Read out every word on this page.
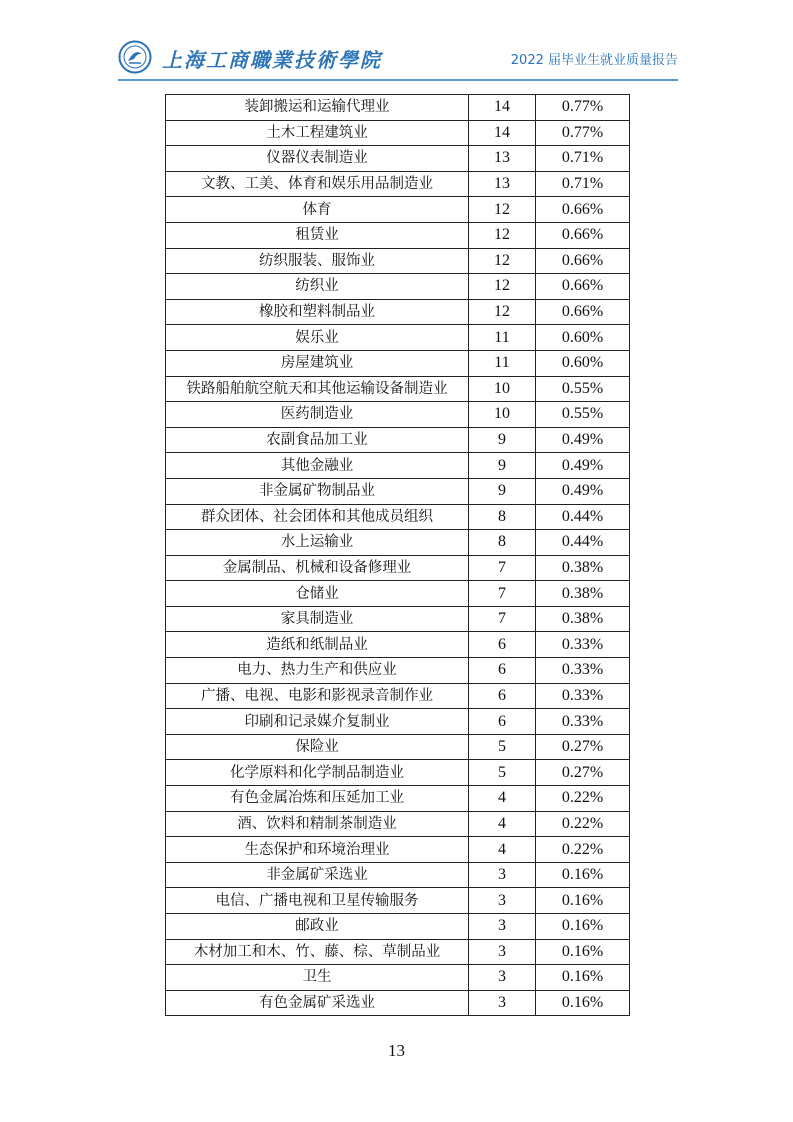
上海工商職業技術學院	2022 届毕业生就业质量报告
装卸搬运和运输代理业	14	0.77%
土木工程建筑业	14	0.77%
仪器仪表制造业	13	0.71%
文教、工美、体育和娱乐用品制造业	13	0.71%
体育	12	0.66%
租赁业	12	0.66%
纺织服装、服饰业	12	0.66%
纺织业	12	0.66%
橡胶和塑料制品业	12	0.66%
娱乐业	11	0.60%
房屋建筑业	11	0.60%
铁路船舶航空航天和其他运输设备制造业	10	0.55%
医药制造业	10	0.55%
农副食品加工业	9	0.49%
其他金融业	9	0.49%
非金属矿物制品业	9	0.49%
群众团体、社会团体和其他成员组织	8	0.44%
水上运输业	8	0.44%
金属制品、机械和设备修理业	7	0.38%
仓储业	7	0.38%
家具制造业	7	0.38%
造纸和纸制品业	6	0.33%
电力、热力生产和供应业	6	0.33%
广播、电视、电影和影视录音制作业	6	0.33%
印刷和记录媒介复制业	6	0.33%
保险业	5	0.27%
化学原料和化学制品制造业	5	0.27%
有色金属冶炼和压延加工业	4	0.22%
酒、饮料和精制茶制造业	4	0.22%
生态保护和环境治理业	4	0.22%
非金属矿采选业	3	0.16%
电信、广播电视和卫星传输服务	3	0.16%
邮政业	3	0.16%
木材加工和木、竹、藤、棕、草制品业	3	0.16%
卫生	3	0.16%
有色金属矿采选业	3	0.16%
13
